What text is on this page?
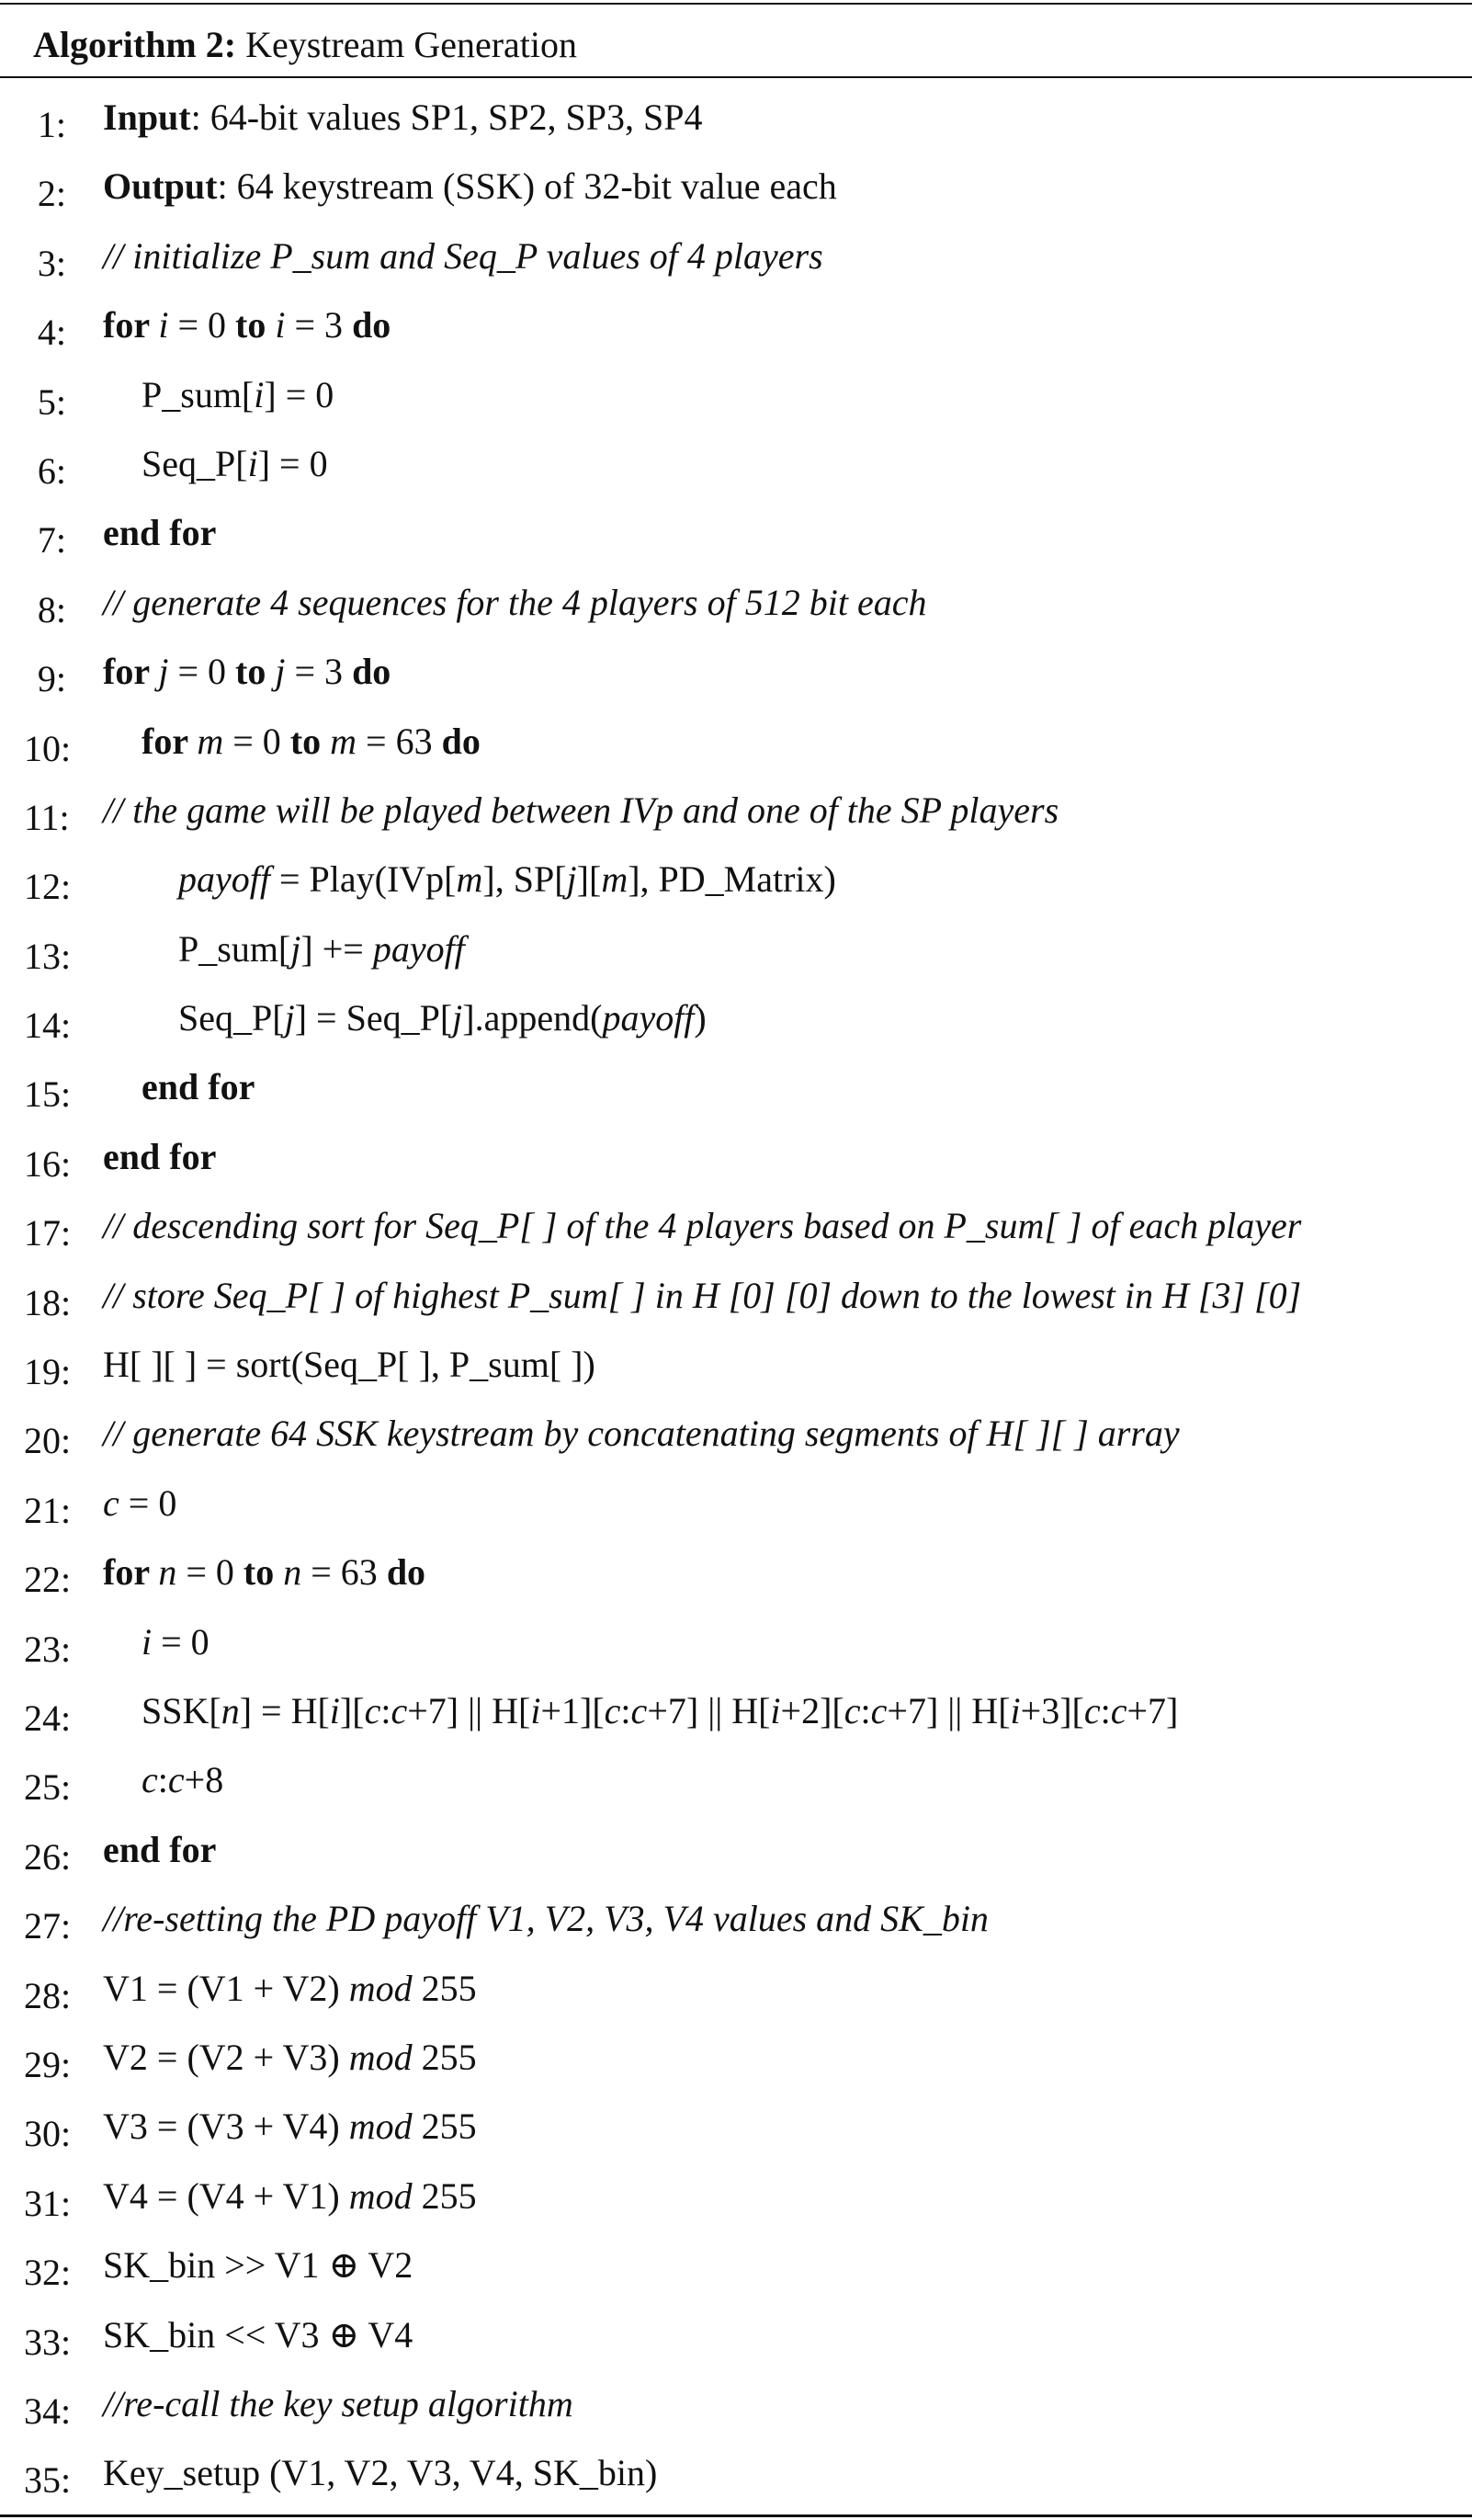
Algorithm 2: Keystream Generation
1: Input: 64-bit values SP1, SP2, SP3, SP4
2: Output: 64 keystream (SSK) of 32-bit value each
3: // initialize P_sum and Seq_P values of 4 players
4: for i = 0 to i = 3 do
5: P_sum[i] = 0
6: Seq_P[i] = 0
7: end for
8: // generate 4 sequences for the 4 players of 512 bit each
9: for j = 0 to j = 3 do
10: for m = 0 to m = 63 do
11: // the game will be played between IVp and one of the SP players
12:	payoff = Play(IVp[m], SP[j][m], PD_Matrix)
13:	P_sum[j] += payoff
14:	Seq_P[j] = Seq_P[j].append(payoff)
15: end for
16: end for
17: // descending sort for Seq_P[ ] of the 4 players based on P_sum[ ] of each player
18: // store Seq_P[ ] of highest P_sum[ ] in H [0] [0] down to the lowest in H [3] [0]
19: H[ ][ ] = sort(Seq_P[ ], P_sum[ ])
20: // generate 64 SSK keystream by concatenating segments of H[ ][ ] array
21: c = 0
22: for n = 0 to n = 63 do
23: i = 0
24: SSK[n] = H[i][c:c+7] || H[i+1][c:c+7] || H[i+2][c:c+7] || H[i+3][c:c+7]
25: c:c+8
26: end for
27: //re-setting the PD payoff V1, V2, V3, V4 values and SK_bin
28: V1 = (V1 + V2) mod 255
29: V2 = (V2 + V3) mod 255
30: V3 = (V3 + V4) mod 255
31: V4 = (V4 + V1) mod 255
32: SK_bin >> V1 ⊕ V2
33: SK_bin << V3 ⊕ V4
34: //re-call the key setup algorithm
35: Key_setup (V1, V2, V3, V4, SK_bin)
